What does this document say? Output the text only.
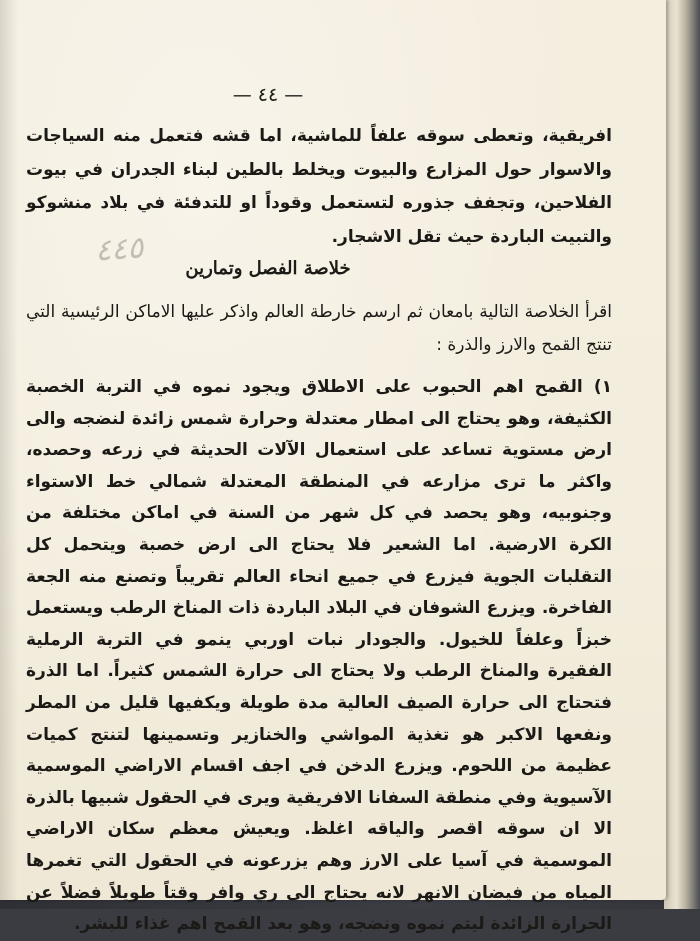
— ٤٤ —

افريقية، وتعطى سوقه علفاً للماشية، اما قشه فتعمل منه السياجات والاسوار حول المزارع والبيوت ويخلط بالطين لبناء الجدران في بيوت الفلاحين، وتجفف جذوره لتستعمل وقوداً او للتدفئة في بلاد منشوكو والتبيت الباردة حيث تقل الاشجار.

٤٤٥	خلاصة الفصل وتمارين

اقرأ الخلاصة التالية بامعان ثم ارسم خارطة العالم واذكر عليها الاماكن الرئيسية التي تنتج القمح والارز والذرة :

١) القمح اهم الحبوب على الاطلاق ويجود نموه في التربة الخصبة الكثيفة، وهو يحتاج الى امطار معتدلة وحرارة شمس زائدة لنضجه والى ارض مستوية تساعد على استعمال الآلات الحديثة في زرعه وحصده، واكثر ما ترى مزارعه في المنطقة المعتدلة شمالي خط الاستواء وجنوبيه، وهو يحصد في كل شهر من السنة في اماكن مختلفة من الكرة الارضية. اما الشعير فلا يحتاج الى ارض خصبة ويتحمل كل التقلبات الجوية فيزرع في جميع انحاء العالم تقريباً وتصنع منه الجعة الفاخرة. ويزرع الشوفان في البلاد الباردة ذات المناخ الرطب ويستعمل خبزاً وعلفاً للخيول. والجودار نبات اوربي ينمو في التربة الرملية الفقيرة والمناخ الرطب ولا يحتاج الى حرارة الشمس كثيراً. اما الذرة فتحتاج الى حرارة الصيف العالية مدة طويلة ويكفيها قليل من المطر ونفعها الاكبر هو تغذية المواشي والخنازير وتسمينها لتنتج كميات عظيمة من اللحوم. ويزرع الدخن في اجف اقسام الاراضي الموسمية الآسيوية وفي منطقة السفانا الافريقية ويرى في الحقول شبيها بالذرة الا ان سوقه اقصر والياقه اغلظ. ويعيش معظم سكان الاراضي الموسمية في آسيا على الارز وهم يزرعونه في الحقول التي تغمرها المياه من فيضان الانهر لانه يحتاج الى ري وافر وقتاً طويلاً فضلاً عن الحرارة الزائدة ليتم نموه ونضجه، وهو بعد القمح اهم غذاء للبشر.
